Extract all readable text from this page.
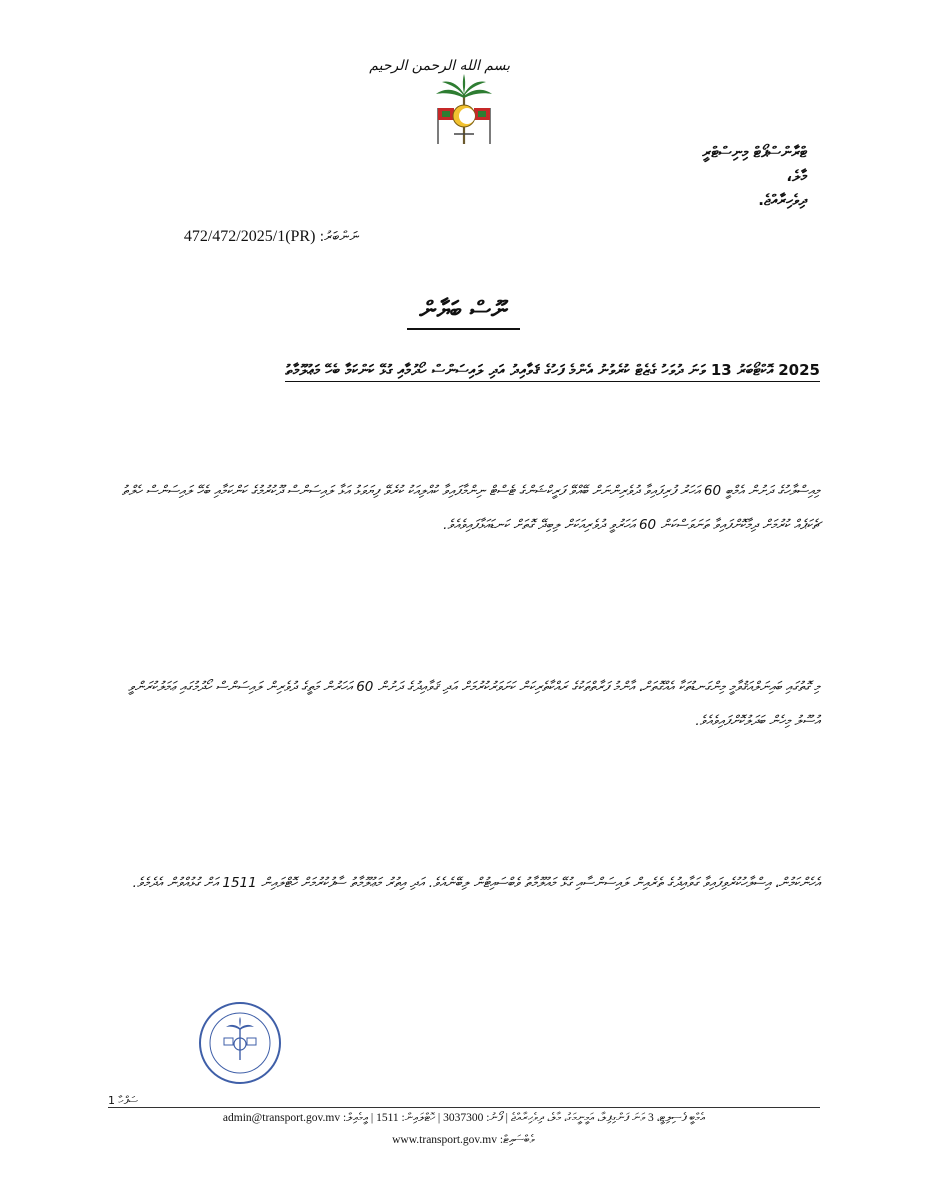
بسم الله الرحمن الرحيم
ޓްރާންސްޕޯޓް މިނިސްޓްރީ
މާލެ،
ދިވެހިރާއްޖެ.
ނަންބަރު: (PR)472/472/2025/1
ނޫސް ބަޔާން
2025 އޮކްޓޯބަރު 13 ވަނަ ދުވަހު ގެޒެޓް ކުރެވުނު އެންމެ ފަހުގެ ޤަވާއިދު އަދި ލައިސަންސް ހޯދުމާއި ގުޅޭ ކަންކަމާ ބެހޭ މަޢުލޫމާތު
މިއިސްލާހުގެ ދަށުން އެމްބީ 60 އަހަރު ފުރިފައިވާ ދުވެރިންނަށް ބޭއްވޭ ފަރީކްޝަންގެ ޓެސްޓް ނިންމާފައިވާ ކުއްލިއަކު ކުރެވޭ ފިޔަވަޅު އަޅާ ލައިސަންސް ދޫކުރުމުގެ ކަންކަމާއި ބެހޭ ލައިސަންސް ހެލްތު ޗެކަޕެއް ކުރުމަށް ދިމާކޮށްފައިވާ ތަނަވަސްކަން 60 އަހަރުވީ ދުވެރިއަކަށް ލިބިދޭ ގޮތަށް ކަނޑައަޅާފައިވެއެވެ.
މި ގޮތުގައި ބައިނަލްއަޤުވާމީ މިންގަނޑުތަކާ އެއްގޮތަށް، އާންމު ފަރާތްތަކުގެ ރައްކާތެރިކަން ކަށަވަރުކުރުމަށް އަދި ޤަވާއިދުގެ ދަށުން 60 އަހަރުން މަތީގެ ދުވެރިން ލައިސަންސް ހޯދުމުގައި ޢަމަލުކުރަންވީ އުސޫލު މިހެން ބަދަލުކޮށްފައިވެއެވެ.
އެހެންކަމުން، އިސްލާހުކުރެވިފައިވާ ގަވާއިދުގެ ތެރެއިން ލައިސަންސާއި ގުޅޭ މައުލޫމާތު ވެބްސައިޓުން ލިބޭނެއެވެ. އަދި އިތުރު މަޢުލޫމާތު ސާފުކުރުމަށް ހޮޓްލައިން 1511 އަށް ގުޅުއްވުން އެދެމެވެ.
ސަފްހާ 1
އެމްބީ ފެސިލިޓީ، 3 ވަނަ ފަންގިފިލާ، އަމީނީމަގު، މާލެ، ދިވެހިރާއްޖެ | ފޯނު: 3037300 | ހޮޓްލައިން: 1511 | އީމެއިލް: admin@transport.gov.mv
ވެބްސައިޓް: www.transport.gov.mv
